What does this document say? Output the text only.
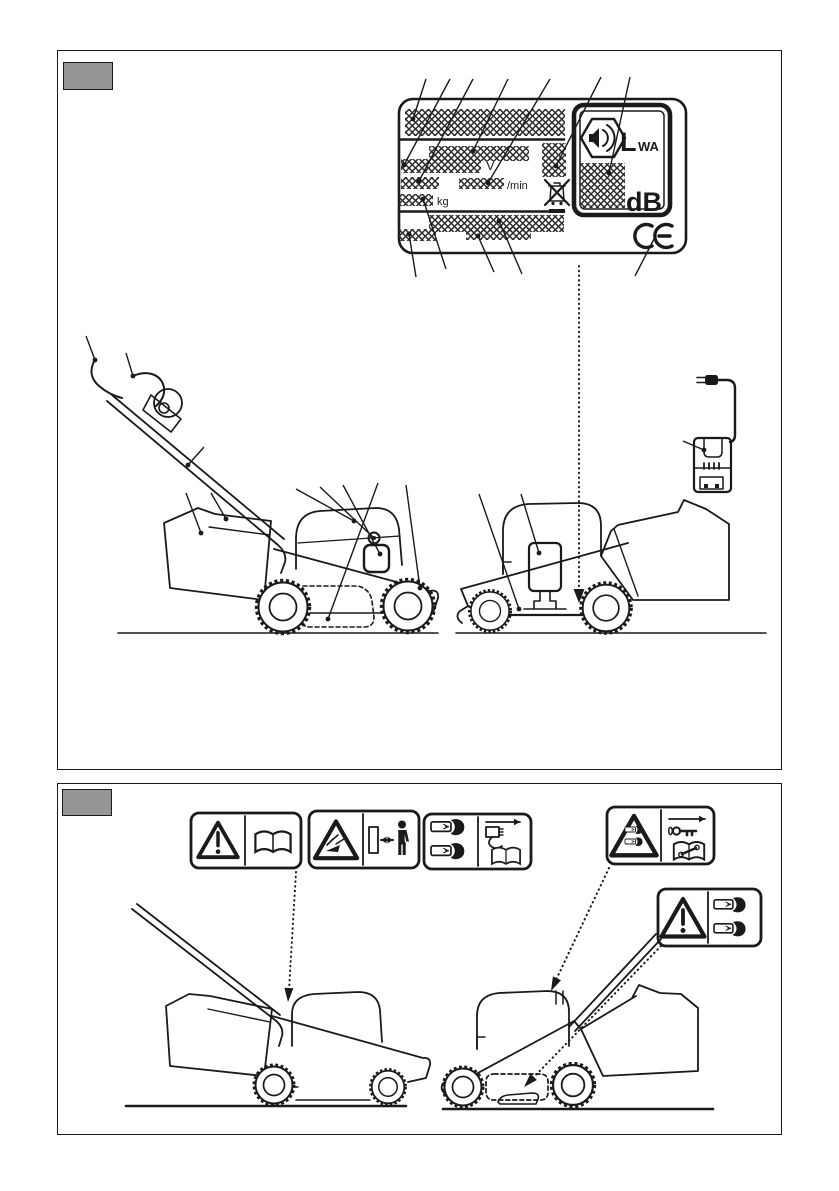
V
/min
kg
L WA
dB
